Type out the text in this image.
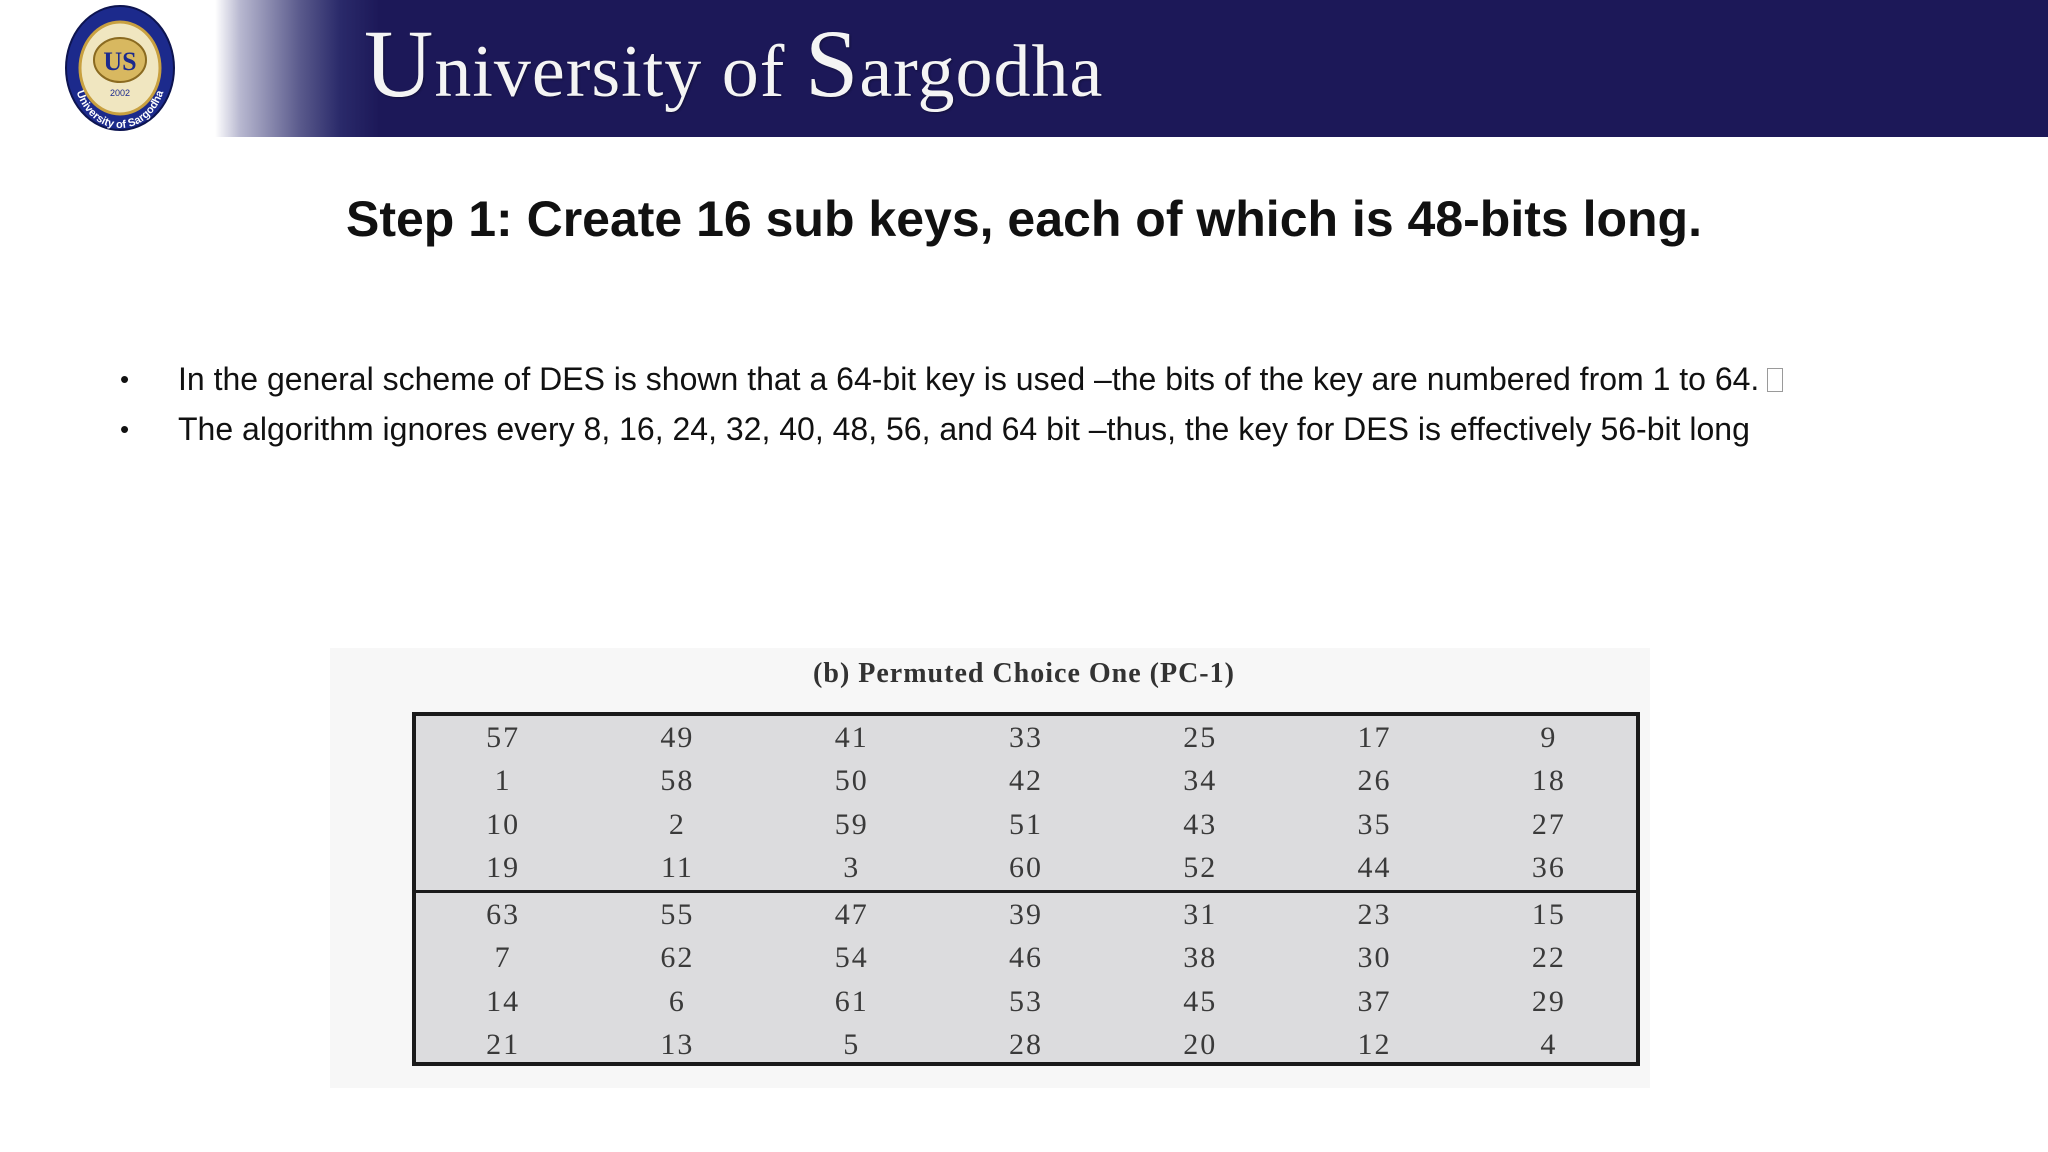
US
2002
University of Sargodha University of Sargodha
Step 1: Create 16 sub keys, each of which is 48-bits long.
• In the general scheme of DES is shown that a 64-bit key is used –the bits of the key are numbered from 1 to 64.
• The algorithm ignores every 8, 16, 24, 32, 40, 48, 56, and 64 bit –thus, the key for DES is effectively 56-bit long
(b) Permuted Choice One (PC-1)
57	49	41	33	25	17	9
1	58	50	42	34	26	18
10	2	59	51	43	35	27
19	11	3	60	52	44	36
63	55	47	39	31	23	15
7	62	54	46	38	30	22
14	6	61	53	45	37	29
21	13	5	28	20	12	4
